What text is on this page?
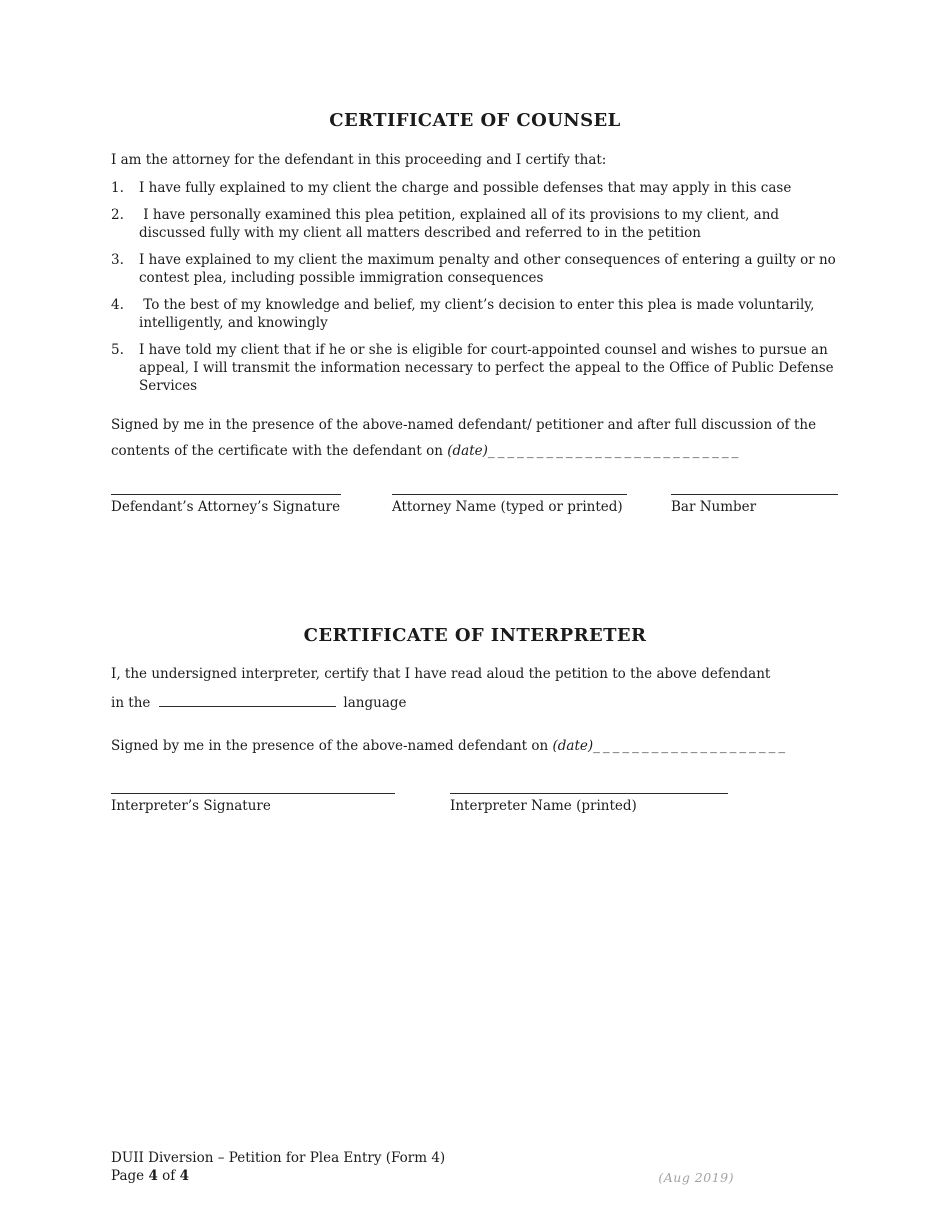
CERTIFICATE OF COUNSEL
I am the attorney for the defendant in this proceeding and I certify that:
1.	I have fully explained to my client the charge and possible defenses that may apply in this case
2.	I have personally examined this plea petition, explained all of its provisions to my client, and
discussed fully with my client all matters described and referred to in the petition
3.	I have explained to my client the maximum penalty and other consequences of entering a guilty or no
contest plea, including possible immigration consequences
4.	To the best of my knowledge and belief, my client’s decision to enter this plea is made voluntarily,
intelligently, and knowingly
5.	I have told my client that if he or she is eligible for court-appointed counsel and wishes to pursue an
appeal, I will transmit the information necessary to perfect the appeal to the Office of Public Defense
Services
Signed by me in the presence of the above-named defendant/ petitioner and after full discussion of the
contents of the certificate with the defendant on (date)__________________________
Defendant’s Attorney’s Signature	Attorney Name (typed or printed)	Bar Number
CERTIFICATE OF INTERPRETER
I, the undersigned interpreter, certify that I have read aloud the petition to the above defendant
in the	language
Signed by me in the presence of the above-named defendant on (date)____________________
Interpreter’s Signature	Interpreter Name (printed)
DUII Diversion – Petition for Plea Entry (Form 4)
Page 4 of 4	(Aug 2019)
